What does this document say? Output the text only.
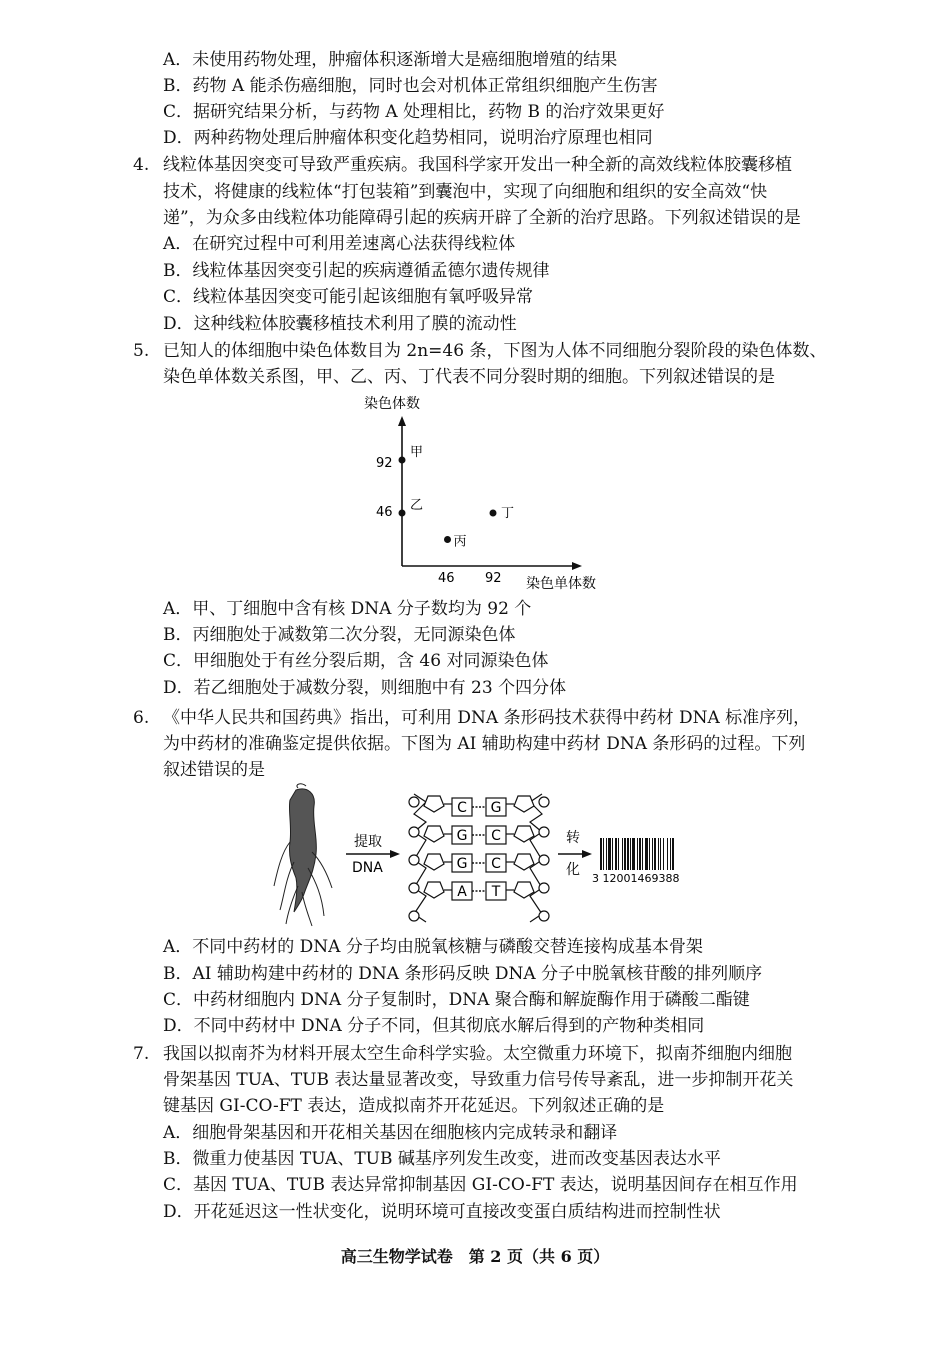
A．未使用药物处理，肿瘤体积逐渐增大是癌细胞增殖的结果
B．药物 A 能杀伤癌细胞，同时也会对机体正常组织细胞产生伤害
C．据研究结果分析，与药物 A 处理相比，药物 B 的治疗效果更好
D．两种药物处理后肿瘤体积变化趋势相同，说明治疗原理也相同
4. 线粒体基因突变可导致严重疾病。我国科学家开发出一种全新的高效线粒体胶囊移植
技术，将健康的线粒体“打包装箱”到囊泡中，实现了向细胞和组织的安全高效“快
递”，为众多由线粒体功能障碍引起的疾病开辟了全新的治疗思路。下列叙述错误的是
A．在研究过程中可利用差速离心法获得线粒体
B．线粒体基因突变引起的疾病遵循孟德尔遗传规律
C．线粒体基因突变可能引起该细胞有氧呼吸异常
D．这种线粒体胶囊移植技术利用了膜的流动性
5. 已知人的体细胞中染色体数目为 2n=46 条，下图为人体不同细胞分裂阶段的染色体数、
染色单体数关系图，甲、乙、丙、丁代表不同分裂时期的细胞。下列叙述错误的是
染色体数
92
46
46 92 染色单体数
甲
乙
丙
丁
A．甲、丁细胞中含有核 DNA 分子数均为 92 个
B．丙细胞处于减数第二次分裂，无同源染色体
C．甲细胞处于有丝分裂后期，含 46 对同源染色体
D．若乙细胞处于减数分裂，则细胞中有 23 个四分体
6. 《中华人民共和国药典》指出，可利用 DNA 条形码技术获得中药材 DNA 标准序列，
为中药材的准确鉴定提供依据。下图为 AI 辅助构建中药材 DNA 条形码的过程。下列
叙述错误的是
提取
DNA
C G
G C
G C
A T
转
化
3 12001469388
A．不同中药材的 DNA 分子均由脱氧核糖与磷酸交替连接构成基本骨架
B．AI 辅助构建中药材的 DNA 条形码反映 DNA 分子中脱氧核苷酸的排列顺序
C．中药材细胞内 DNA 分子复制时，DNA 聚合酶和解旋酶作用于磷酸二酯键
D．不同中药材中 DNA 分子不同，但其彻底水解后得到的产物种类相同
7. 我国以拟南芥为材料开展太空生命科学实验。太空微重力环境下，拟南芥细胞内细胞
骨架基因 TUA、TUB 表达量显著改变，导致重力信号传导紊乱，进一步抑制开花关
键基因 GI-CO-FT 表达，造成拟南芥开花延迟。下列叙述正确的是
A．细胞骨架基因和开花相关基因在细胞核内完成转录和翻译
B．微重力使基因 TUA、TUB 碱基序列发生改变，进而改变基因表达水平
C．基因 TUA、TUB 表达异常抑制基因 GI-CO-FT 表达，说明基因间存在相互作用
D．开花延迟这一性状变化，说明环境可直接改变蛋白质结构进而控制性状
高三生物学试卷　第 2 页（共 6 页）
